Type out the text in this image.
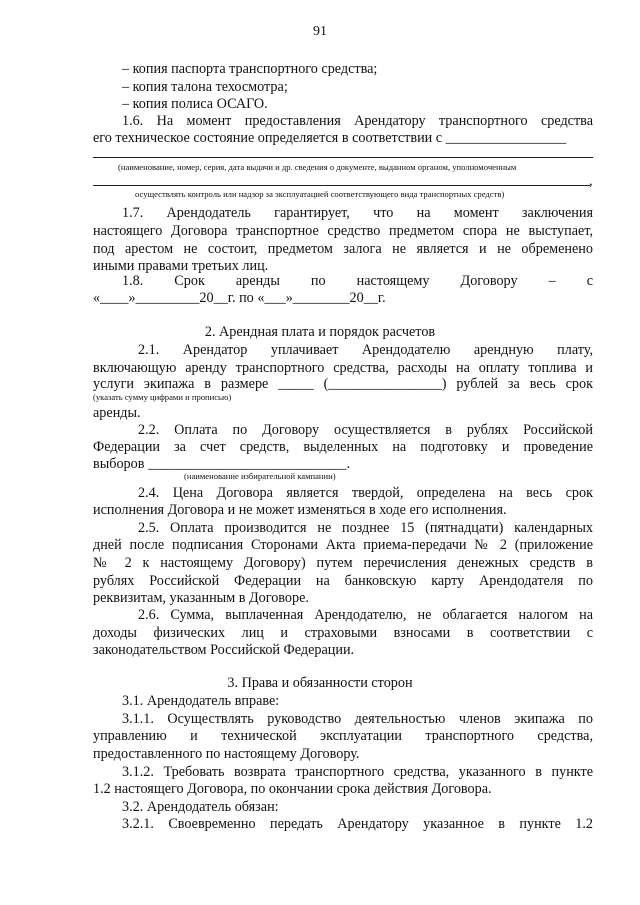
91
– копия паспорта транспортного средства;
– копия талона техосмотра;
– копия полиса ОСАГО.
1.6. На момент предоставления Арендатору транспортного средства
его техническое состояние определяется в соответствии с _________________
(наименование, номер, серия, дата выдачи и др. сведения о документе, выданном органом, уполномоченным
,
осуществлять контроль или надзор за эксплуатацией соответствующего вида транспортных средств)
1.7. Арендодатель гарантирует, что на момент заключения
настоящего Договора транспортное средство предметом спора не выступает,
под арестом не состоит, предметом залога не является и не обременено
иными правами третьих лиц.
1.8. Срок аренды по настоящему Договору – с
«____»_________20__г. по «___»________20__г.
2. Арендная плата и порядок расчетов
2.1. Арендатор уплачивает Арендодателю арендную плату,
включающую аренду транспортного средства, расходы на оплату топлива и
услуги экипажа в размере _____ (________________) рублей за весь срок
(указать сумму цифрами и прописью)
аренды.
2.2. Оплата по Договору осуществляется в рублях Российской
Федерации за счет средств, выделенных на подготовку и проведение
выборов ____________________________.
(наименование избирательной кампании)
2.4. Цена Договора является твердой, определена на весь срок
исполнения Договора и не может изменяться в ходе его исполнения.
2.5. Оплата производится не позднее 15 (пятнадцати) календарных
дней после подписания Сторонами Акта приема-передачи № 2 (приложение
№ 2 к настоящему Договору) путем перечисления денежных средств в
рублях Российской Федерации на банковскую карту Арендодателя по
реквизитам, указанным в Договоре.
2.6. Сумма, выплаченная Арендодателю, не облагается налогом на
доходы физических лиц и страховыми взносами в соответствии с
законодательством Российской Федерации.
3. Права и обязанности сторон
3.1. Арендодатель вправе:
3.1.1. Осуществлять руководство деятельностью членов экипажа по
управлению и технической эксплуатации транспортного средства,
предоставленного по настоящему Договору.
3.1.2. Требовать возврата транспортного средства, указанного в пункте
1.2 настоящего Договора, по окончании срока действия Договора.
3.2. Арендодатель обязан:
3.2.1. Своевременно передать Арендатору указанное в пункте 1.2
